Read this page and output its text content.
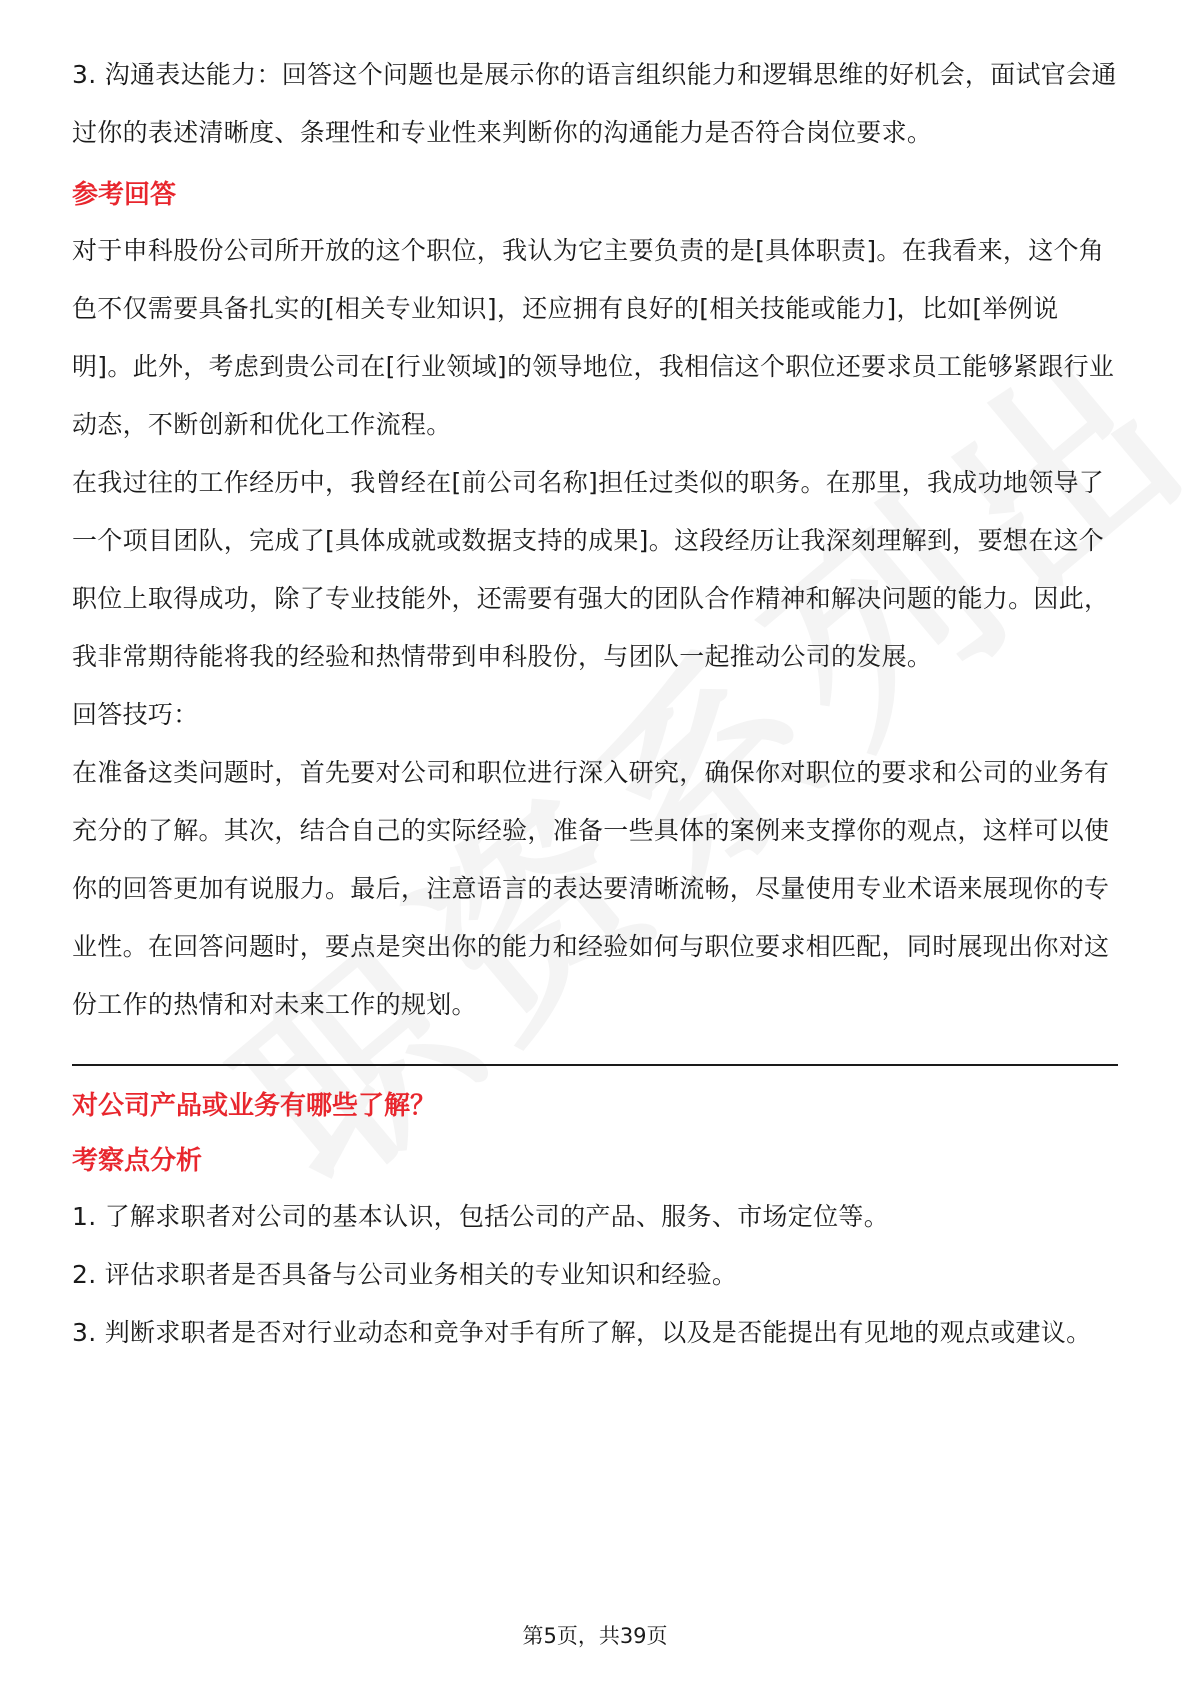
3. 沟通表达能力：回答这个问题也是展示你的语言组织能力和逻辑思维的好机会，面试官会通过你的表述清晰度、条理性和专业性来判断你的沟通能力是否符合岗位要求。

参考回答

对于申科股份公司所开放的这个职位，我认为它主要负责的是[具体职责]。在我看来，这个角色不仅需要具备扎实的[相关专业知识]，还应拥有良好的[相关技能或能力]，比如[举例说明]。此外，考虑到贵公司在[行业领域]的领导地位，我相信这个职位还要求员工能够紧跟行业动态，不断创新和优化工作流程。

在我过往的工作经历中，我曾经在[前公司名称]担任过类似的职务。在那里，我成功地领导了一个项目团队，完成了[具体成就或数据支持的成果]。这段经历让我深刻理解到，要想在这个职位上取得成功，除了专业技能外，还需要有强大的团队合作精神和解决问题的能力。因此，我非常期待能将我的经验和热情带到申科股份，与团队一起推动公司的发展。

回答技巧：

在准备这类问题时，首先要对公司和职位进行深入研究，确保你对职位的要求和公司的业务有充分的了解。其次，结合自己的实际经验，准备一些具体的案例来支撑你的观点，这样可以使你的回答更加有说服力。最后，注意语言的表达要清晰流畅，尽量使用专业术语来展现你的专业性。在回答问题时，要点是突出你的能力和经验如何与职位要求相匹配，同时展现出你对这份工作的热情和对未来工作的规划。

对公司产品或业务有哪些了解？

考察点分析

1. 了解求职者对公司的基本认识，包括公司的产品、服务、市场定位等。

2. 评估求职者是否具备与公司业务相关的专业知识和经验。

3. 判断求职者是否对行业动态和竞争对手有所了解，以及是否能提出有见地的观点或建议。

第5页，共39页
